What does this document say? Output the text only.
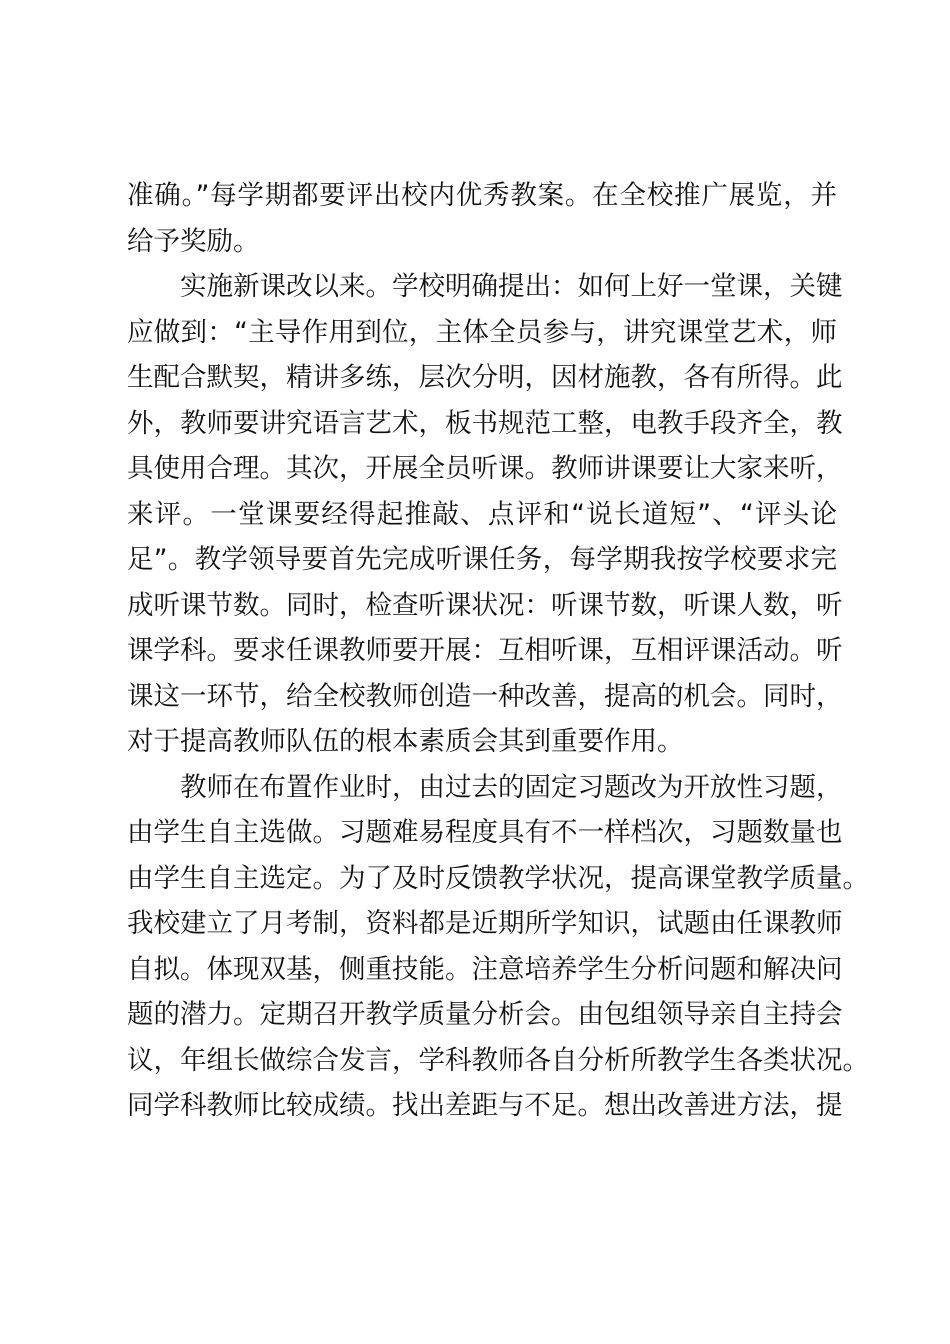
准确。”每学期都要评出校内优秀教案。在全校推广展览，并
给予奖励。
实施新课改以来。学校明确提出：如何上好一堂课，关键
应做到：“主导作用到位，主体全员参与，讲究课堂艺术，师
生配合默契，精讲多练，层次分明，因材施教，各有所得。此
外，教师要讲究语言艺术，板书规范工整，电教手段齐全，教
具使用合理。其次，开展全员听课。教师讲课要让大家来听，
来评。一堂课要经得起推敲、点评和“说长道短”、“评头论
足”。教学领导要首先完成听课任务，每学期我按学校要求完
成听课节数。同时，检查听课状况：听课节数，听课人数，听
课学科。要求任课教师要开展：互相听课，互相评课活动。听
课这一环节，给全校教师创造一种改善，提高的机会。同时，
对于提高教师队伍的根本素质会其到重要作用。
教师在布置作业时，由过去的固定习题改为开放性习题，
由学生自主选做。习题难易程度具有不一样档次，习题数量也
由学生自主选定。为了及时反馈教学状况，提高课堂教学质量。
我校建立了月考制，资料都是近期所学知识，试题由任课教师
自拟。体现双基，侧重技能。注意培养学生分析问题和解决问
题的潜力。定期召开教学质量分析会。由包组领导亲自主持会
议，年组长做综合发言，学科教师各自分析所教学生各类状况。
同学科教师比较成绩。找出差距与不足。想出改善进方法，提
